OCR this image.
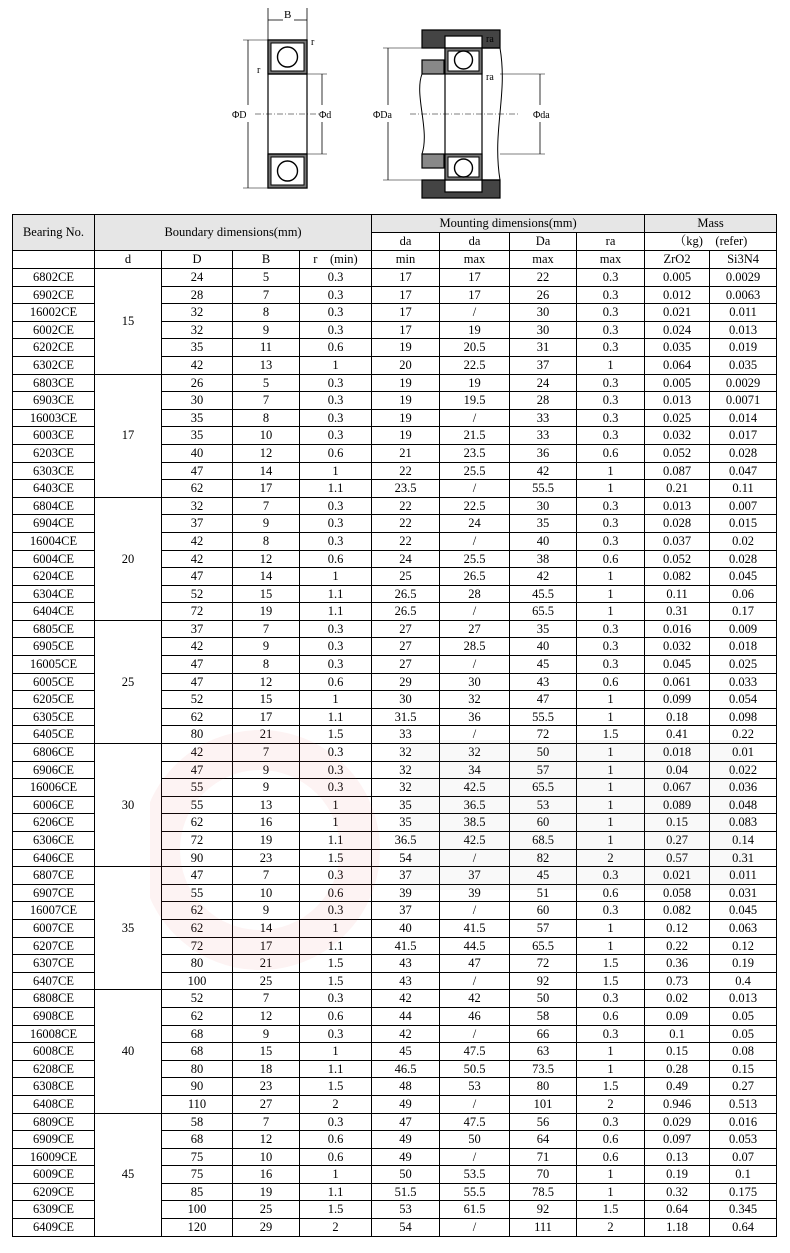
B
r
r
ΦD	Φd
ra
ra
ΦDa	Φda
Bearing No.	Boundary dimensions(mm)				Mounting dimensions(mm)				Mass	
					da	da	Da	ra	（kg)　(refer)	
	d	D	B	r　(min)	min	max	max	max	ZrO2	Si3N4
6802CE	15	24	5	0.3	17	17	22	0.3	0.005	0.0029
6902CE		28	7	0.3	17	17	26	0.3	0.012	0.0063
16002CE		32	8	0.3	17	/	30	0.3	0.021	0.011
6002CE		32	9	0.3	17	19	30	0.3	0.024	0.013
6202CE		35	11	0.6	19	20.5	31	0.3	0.035	0.019
6302CE		42	13	1	20	22.5	37	1	0.064	0.035
6803CE	17	26	5	0.3	19	19	24	0.3	0.005	0.0029
6903CE		30	7	0.3	19	19.5	28	0.3	0.013	0.0071
16003CE		35	8	0.3	19	/	33	0.3	0.025	0.014
6003CE		35	10	0.3	19	21.5	33	0.3	0.032	0.017
6203CE		40	12	0.6	21	23.5	36	0.6	0.052	0.028
6303CE		47	14	1	22	25.5	42	1	0.087	0.047
6403CE		62	17	1.1	23.5	/	55.5	1	0.21	0.11
6804CE	20	32	7	0.3	22	22.5	30	0.3	0.013	0.007
6904CE		37	9	0.3	22	24	35	0.3	0.028	0.015
16004CE		42	8	0.3	22	/	40	0.3	0.037	0.02
6004CE		42	12	0.6	24	25.5	38	0.6	0.052	0.028
6204CE		47	14	1	25	26.5	42	1	0.082	0.045
6304CE		52	15	1.1	26.5	28	45.5	1	0.11	0.06
6404CE		72	19	1.1	26.5	/	65.5	1	0.31	0.17
6805CE	25	37	7	0.3	27	27	35	0.3	0.016	0.009
6905CE		42	9	0.3	27	28.5	40	0.3	0.032	0.018
16005CE		47	8	0.3	27	/	45	0.3	0.045	0.025
6005CE		47	12	0.6	29	30	43	0.6	0.061	0.033
6205CE		52	15	1	30	32	47	1	0.099	0.054
6305CE		62	17	1.1	31.5	36	55.5	1	0.18	0.098
6405CE		80	21	1.5	33	/	72	1.5	0.41	0.22
6806CE	30	42	7	0.3	32	32	50	1	0.018	0.01
6906CE		47	9	0.3	32	34	57	1	0.04	0.022
16006CE		55	9	0.3	32	42.5	65.5	1	0.067	0.036
6006CE		55	13	1	35	36.5	53	1	0.089	0.048
6206CE		62	16	1	35	38.5	60	1	0.15	0.083
6306CE		72	19	1.1	36.5	42.5	68.5	1	0.27	0.14
6406CE		90	23	1.5	54	/	82	2	0.57	0.31
6807CE	35	47	7	0.3	37	37	45	0.3	0.021	0.011
6907CE		55	10	0.6	39	39	51	0.6	0.058	0.031
16007CE		62	9	0.3	37	/	60	0.3	0.082	0.045
6007CE		62	14	1	40	41.5	57	1	0.12	0.063
6207CE		72	17	1.1	41.5	44.5	65.5	1	0.22	0.12
6307CE		80	21	1.5	43	47	72	1.5	0.36	0.19
6407CE		100	25	1.5	43	/	92	1.5	0.73	0.4
6808CE	40	52	7	0.3	42	42	50	0.3	0.02	0.013
6908CE		62	12	0.6	44	46	58	0.6	0.09	0.05
16008CE		68	9	0.3	42	/	66	0.3	0.1	0.05
6008CE		68	15	1	45	47.5	63	1	0.15	0.08
6208CE		80	18	1.1	46.5	50.5	73.5	1	0.28	0.15
6308CE		90	23	1.5	48	53	80	1.5	0.49	0.27
6408CE		110	27	2	49	/	101	2	0.946	0.513
6809CE	45	58	7	0.3	47	47.5	56	0.3	0.029	0.016
6909CE		68	12	0.6	49	50	64	0.6	0.097	0.053
16009CE		75	10	0.6	49	/	71	0.6	0.13	0.07
6009CE		75	16	1	50	53.5	70	1	0.19	0.1
6209CE		85	19	1.1	51.5	55.5	78.5	1	0.32	0.175
6309CE		100	25	1.5	53	61.5	92	1.5	0.64	0.345
6409CE		120	29	2	54	/	111	2	1.18	0.64
